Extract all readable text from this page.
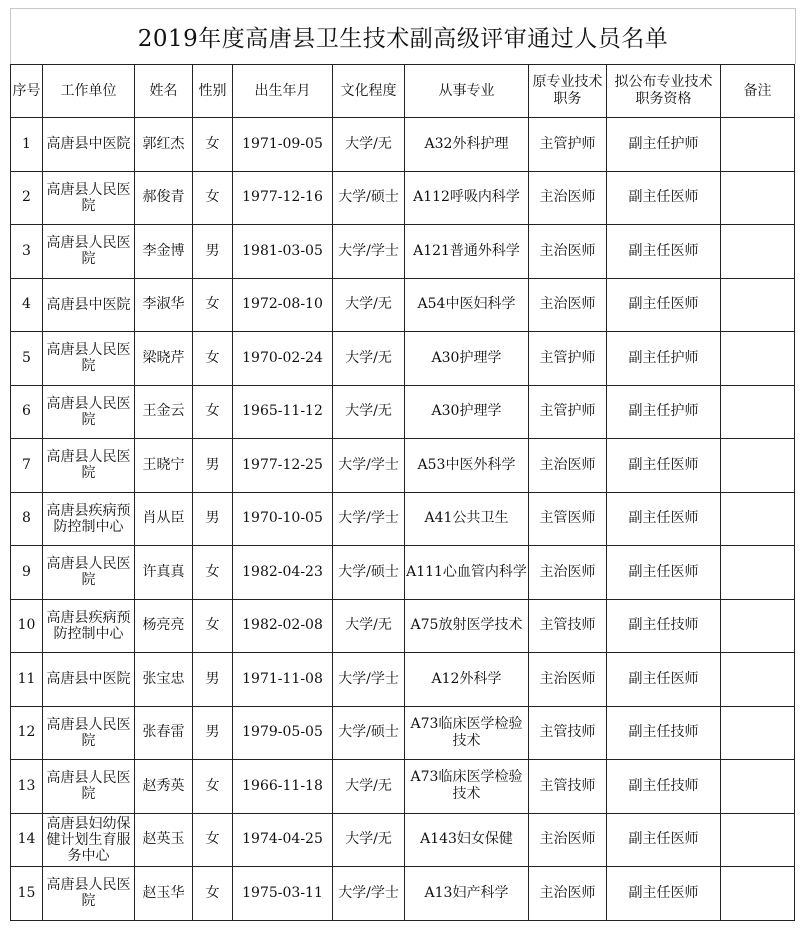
2019年度高唐县卫生技术副高级评审通过人员名单
序号	工作单位	姓名	性别	出生年月	文化程度	从事专业	原专业技术职务	拟公布专业技术职务资格	备注
1	高唐县中医院	郭红杰	女	1971-09-05	大学/无	A32外科护理	主管护师	副主任护师	
2	高唐县人民医院	郝俊青	女	1977-12-16	大学/硕士	A112呼吸内科学	主治医师	副主任医师	
3	高唐县人民医院	李金博	男	1981-03-05	大学/学士	A121普通外科学	主治医师	副主任医师	
4	高唐县中医院	李淑华	女	1972-08-10	大学/无	A54中医妇科学	主治医师	副主任医师	
5	高唐县人民医院	梁晓芹	女	1970-02-24	大学/无	A30护理学	主管护师	副主任护师	
6	高唐县人民医院	王金云	女	1965-11-12	大学/无	A30护理学	主管护师	副主任护师	
7	高唐县人民医院	王晓宁	男	1977-12-25	大学/学士	A53中医外科学	主治医师	副主任医师	
8	高唐县疾病预防控制中心	肖从臣	男	1970-10-05	大学/学士	A41公共卫生	主管医师	副主任医师	
9	高唐县人民医院	许真真	女	1982-04-23	大学/硕士	A111心血管内科学	主治医师	副主任医师	
10	高唐县疾病预防控制中心	杨亮亮	女	1982-02-08	大学/无	A75放射医学技术	主管技师	副主任技师	
11	高唐县中医院	张宝忠	男	1971-11-08	大学/学士	A12外科学	主治医师	副主任医师	
12	高唐县人民医院	张春雷	男	1979-05-05	大学/硕士	A73临床医学检验技术	主管技师	副主任技师	
13	高唐县人民医院	赵秀英	女	1966-11-18	大学/无	A73临床医学检验技术	主管技师	副主任技师	
14	高唐县妇幼保健计划生育服务中心	赵英玉	女	1974-04-25	大学/无	A143妇女保健	主治医师	副主任医师	
15	高唐县人民医院	赵玉华	女	1975-03-11	大学/学士	A13妇产科学	主治医师	副主任医师	
